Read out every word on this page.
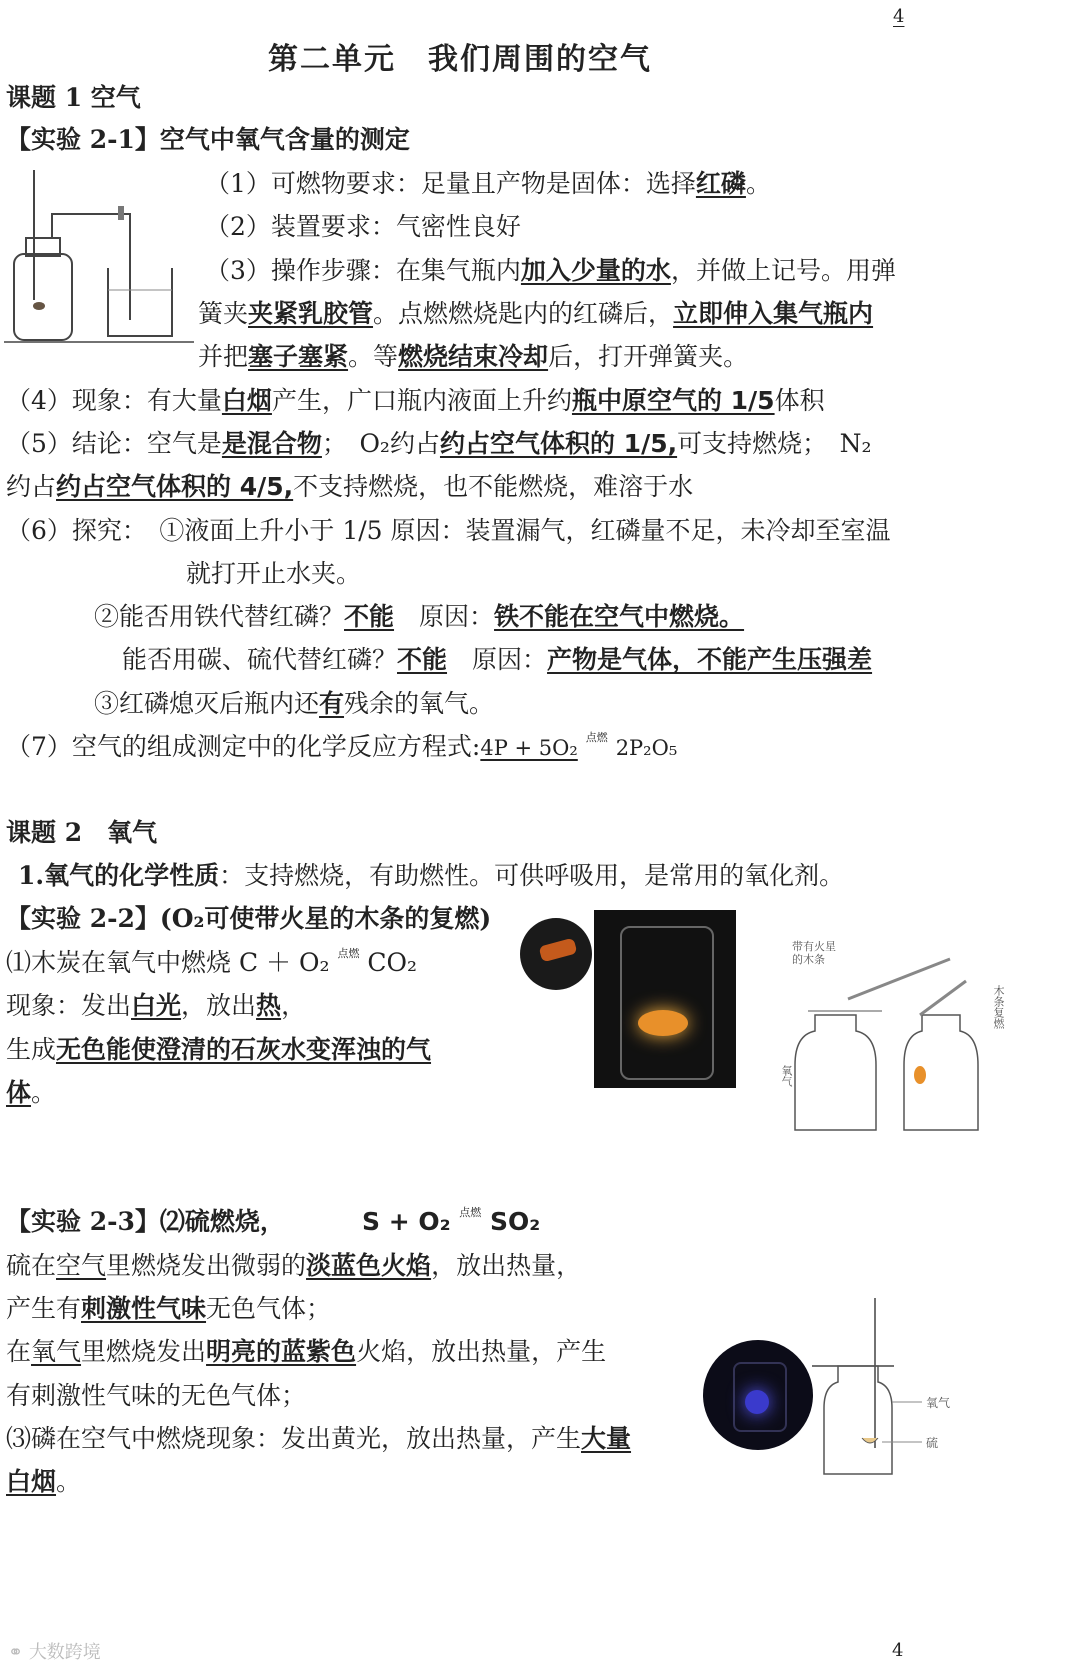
4
第二单元　我们周围的空气
课题 1 空气
【实验 2-1】空气中氧气含量的测定
（1）可燃物要求：足量且产物是固体：选择红磷。
（2）装置要求：气密性良好
（3）操作步骤：在集气瓶内加入少量的水，并做上记号。用弹
簧夹夹紧乳胶管。点燃燃烧匙内的红磷后，立即伸入集气瓶内
并把塞子塞紧。等燃烧结束冷却后，打开弹簧夹。
（4）现象：有大量白烟产生，广口瓶内液面上升约瓶中原空气的 1/5体积
（5）结论：空气是是混合物；　O₂约占约占空气体积的 1/5,可支持燃烧；　N₂
约占约占空气体积的 4/5,不支持燃烧，也不能燃烧，难溶于水
（6）探究：　①液面上升小于 1/5 原因：装置漏气，红磷量不足，未冷却至室温
就打开止水夹。
②能否用铁代替红磷？不能　原因：铁不能在空气中燃烧。
能否用碳、硫代替红磷？不能　原因：产物是气体，不能产生压强差
③红磷熄灭后瓶内还有残余的氧气。
（7）空气的组成测定中的化学反应方程式:4P + 5O₂ $^{点燃}$ 2P₂O₅
课题 2　氧气
1.氧气的化学性质：支持燃烧，有助燃性。可供呼吸用，是常用的氧化剂。
【实验 2-2】(O₂可使带火星的木条的复燃)
⑴木炭在氧气中燃烧 C ＋ O₂ $^{点燃}$ CO₂
现象：发出白光，放出热，
生成无色能使澄清的石灰水变浑浊的气
体。
带有火星
的木条
氧气
木条复燃
【实验 2-3】⑵硫燃烧，	S + O₂ $^{点燃}$ SO₂
硫在空气里燃烧发出微弱的淡蓝色火焰，放出热量，
产生有刺激性气味无色气体；
在氧气里燃烧发出明亮的蓝紫色火焰，放出热量，产生
有刺激性气味的无色气体；
⑶磷在空气中燃烧现象：发出黄光，放出热量，产生大量
白烟。
氧气
硫
⚭ 大数跨境	4
